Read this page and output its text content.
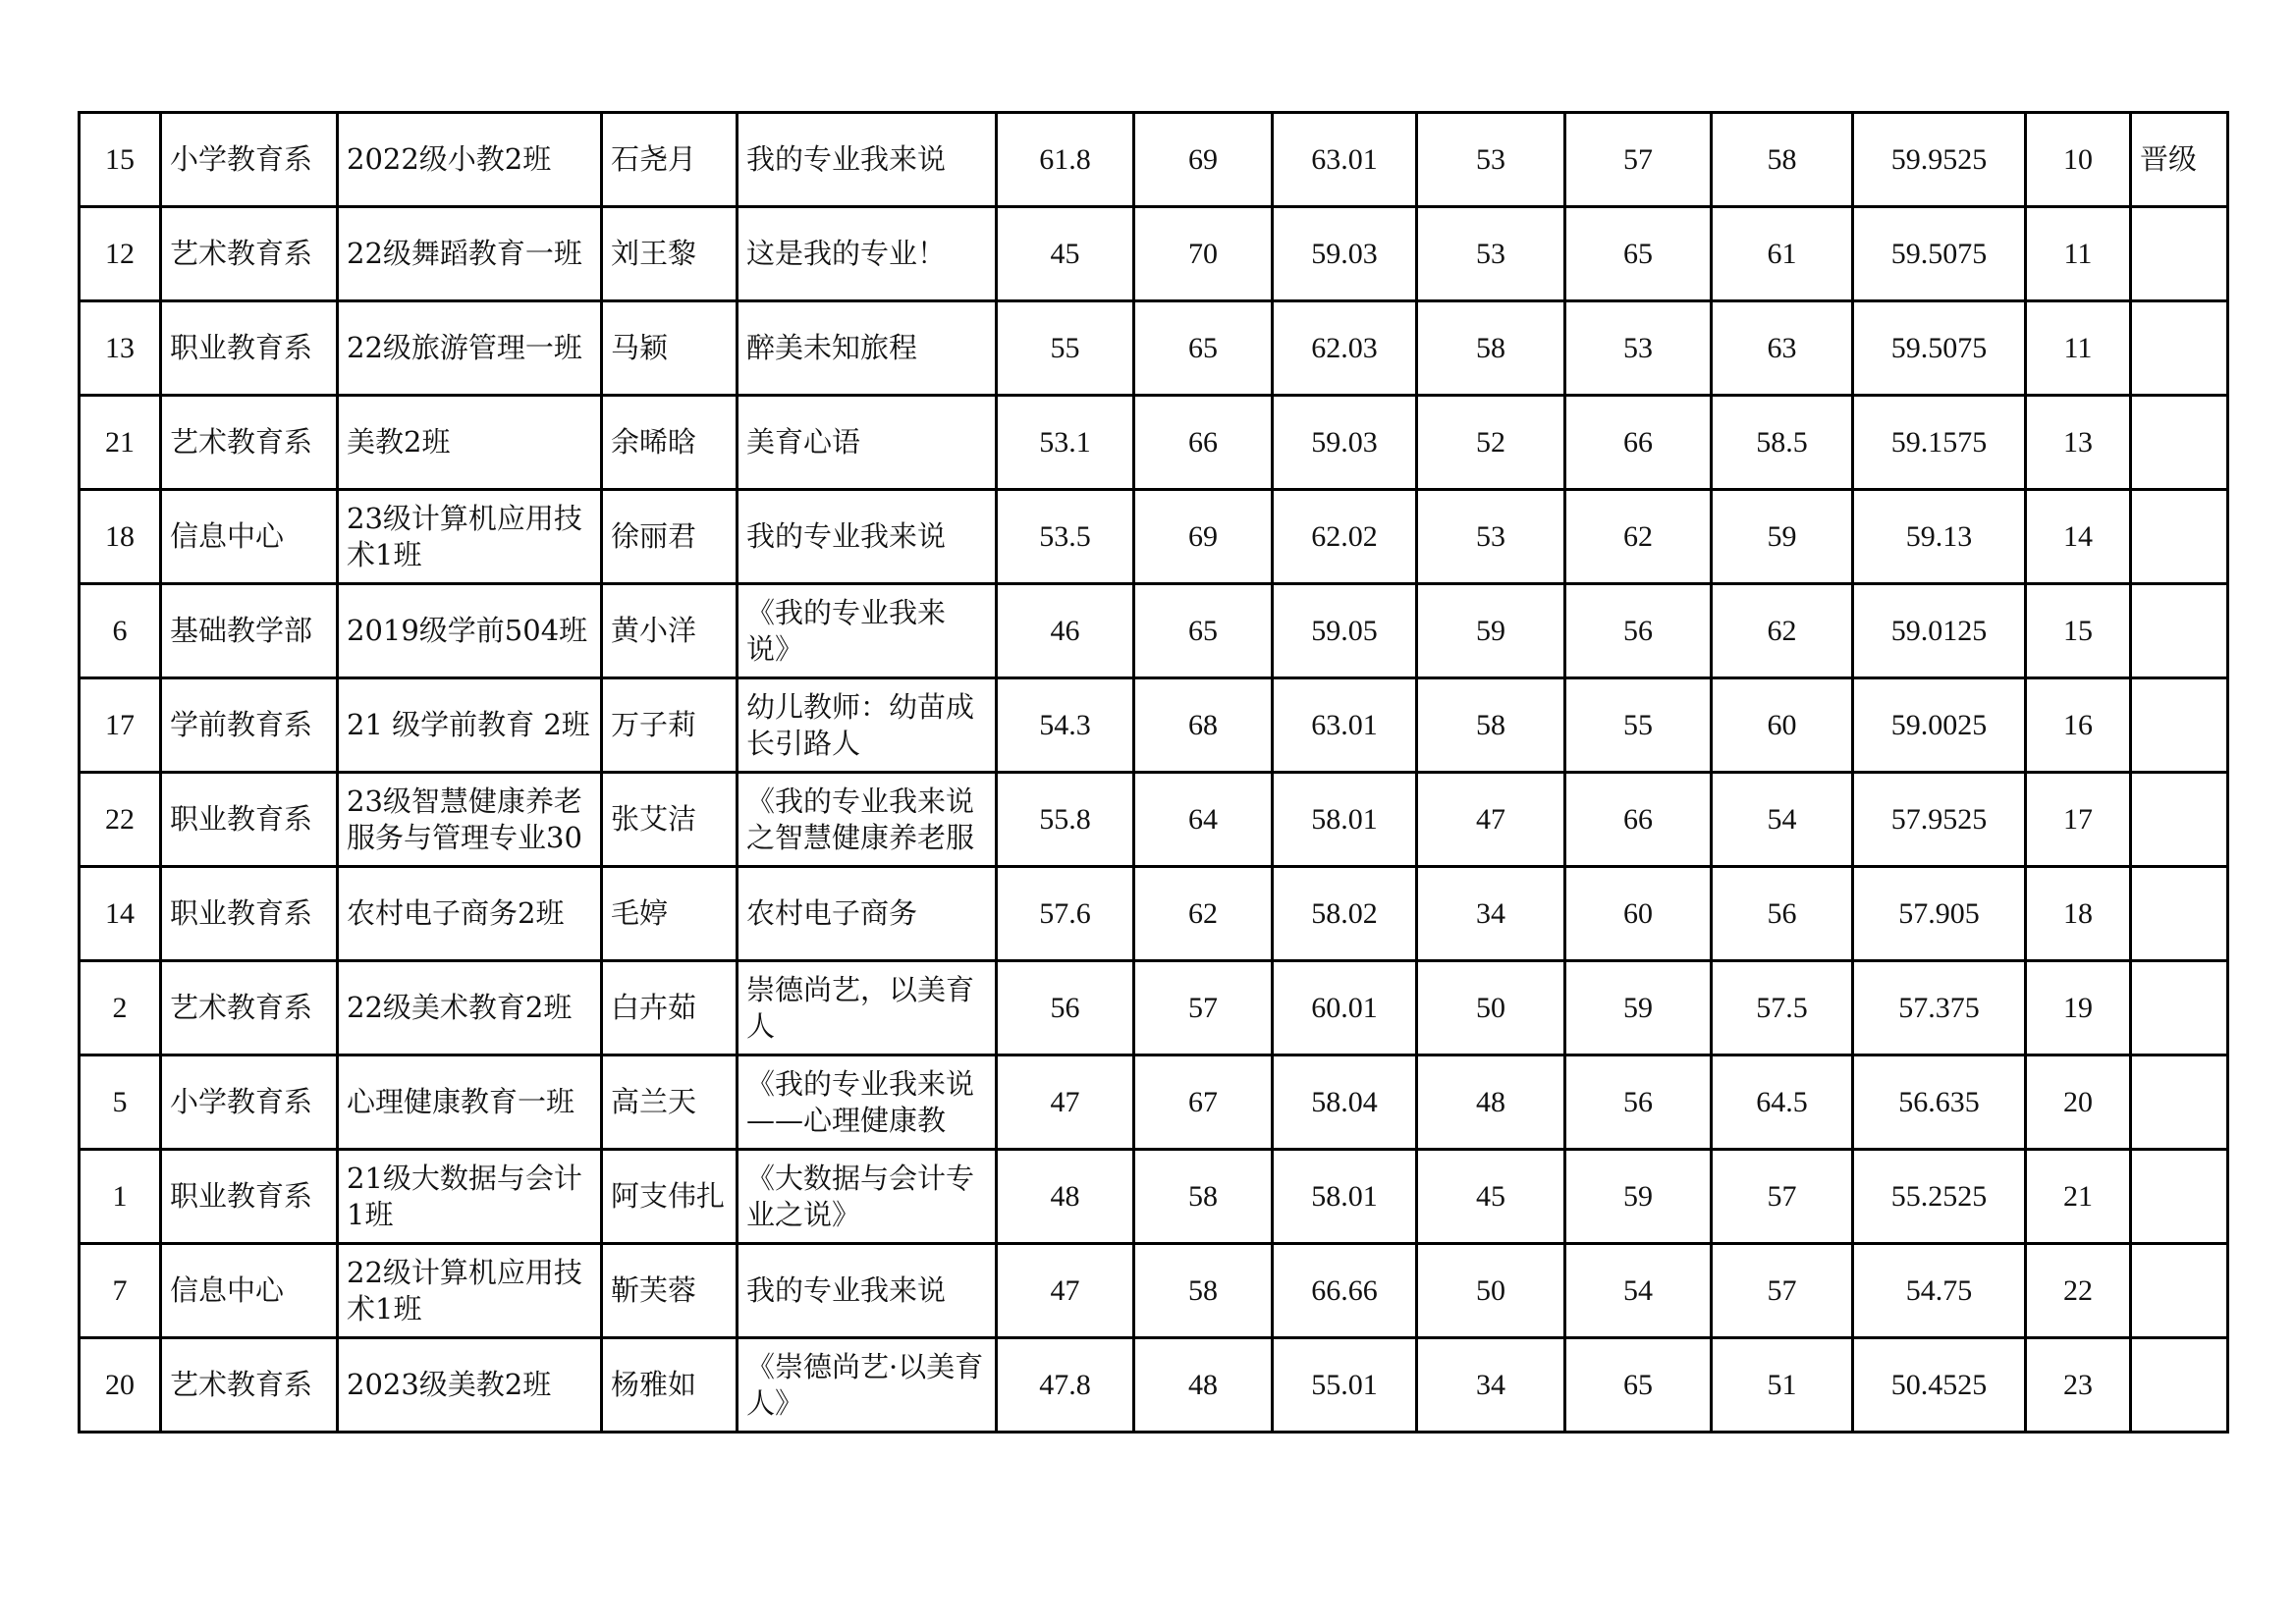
15	小学教育系	2022级小教2班	石尧月	我的专业我来说	61.8	69	63.01	53	57	58	59.9525	10	晋级

12	艺术教育系	22级舞蹈教育一班	刘王黎	这是我的专业！	45	70	59.03	53	65	61	59.5075	11	

13	职业教育系	22级旅游管理一班	马颖	醉美未知旅程	55	65	62.03	58	53	63	59.5075	11	

21	艺术教育系	美教2班	余晞晗	美育心语	53.1	66	59.03	52	66	58.5	59.1575	13	

18	信息中心	23级计算机应用技术1班	徐丽君	我的专业我来说	53.5	69	62.02	53	62	59	59.13	14	

6	基础教学部	2019级学前504班	黄小洋	《我的专业我来说》	46	65	59.05	59	56	62	59.0125	15	

17	学前教育系	21 级学前教育 2班	万子莉	幼儿教师：幼苗成长引路人	54.3	68	63.01	58	55	60	59.0025	16	

22	职业教育系	23级智慧健康养老服务与管理专业30	张艾洁	《我的专业我来说之智慧健康养老服	55.8	64	58.01	47	66	54	57.9525	17	

14	职业教育系	农村电子商务2班	毛婷	农村电子商务	57.6	62	58.02	34	60	56	57.905	18	

2	艺术教育系	22级美术教育2班	白卉茹	崇德尚艺，以美育人	56	57	60.01	50	59	57.5	57.375	19	

5	小学教育系	心理健康教育一班	高兰天	《我的专业我来说——心理健康教	47	67	58.04	48	56	64.5	56.635	20	

1	职业教育系	21级大数据与会计1班	阿支伟扎	《大数据与会计专业之说》	48	58	58.01	45	59	57	55.2525	21	

7	信息中心	22级计算机应用技术1班	靳芙蓉	我的专业我来说	47	58	66.66	50	54	57	54.75	22	

20	艺术教育系	2023级美教2班	杨雅如	《崇德尚艺·以美育人》	47.8	48	55.01	34	65	51	50.4525	23	
